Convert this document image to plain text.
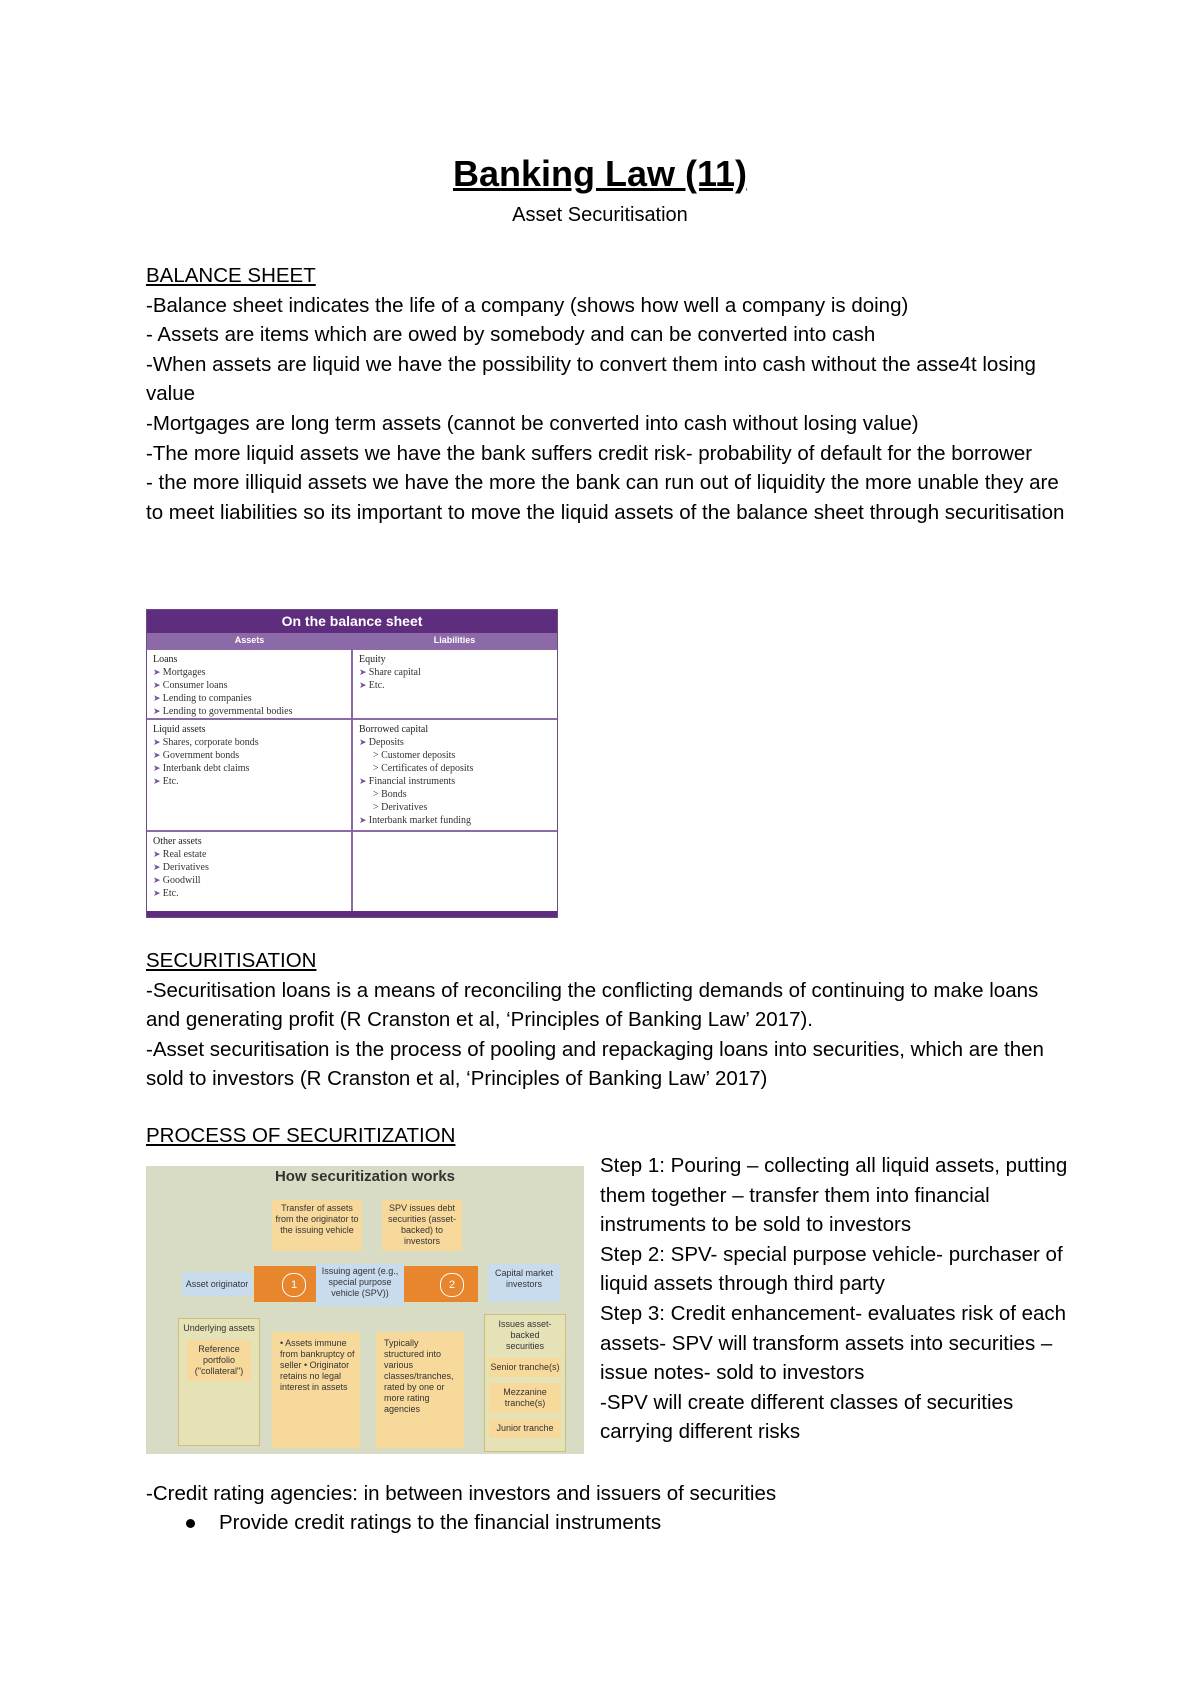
Banking Law (11)
Asset Securitisation

BALANCE SHEET

-Balance sheet indicates the life of a company (shows how well a company is doing)

- Assets are items which are owed by somebody and can be converted into cash

-When assets are liquid we have the possibility to convert them into cash without the asse4t losing value

-Mortgages are long term assets (cannot be converted into cash without losing value)

-The more liquid assets we have the bank suffers credit risk- probability of default for the borrower

- the more illiquid assets we have the more the bank can run out of liquidity the more unable they are to meet liabilities so its important to move the liquid assets of the balance sheet through securitisation

On the balance sheet
Assets	Liabilities
Loans
➤ Mortgages
➤ Consumer loans
➤ Lending to companies
➤ Lending to governmental bodies
Equity
➤ Share capital
➤ Etc.
Liquid assets
➤ Shares, corporate bonds
➤ Government bonds
➤ Interbank debt claims
➤ Etc.
Borrowed capital
➤ Deposits
> Customer deposits
> Certificates of deposits
➤ Financial instruments
> Bonds
> Derivatives
➤ Interbank market funding
Other assets
➤ Real estate
➤ Derivatives
➤ Goodwill
➤ Etc.

SECURITISATION

-Securitisation loans is a means of reconciling the conflicting demands of continuing to make loans and generating profit (R Cranston et al, ‘Principles of Banking Law’ 2017).

-Asset securitisation is the process of pooling and repackaging loans into securities, which are then sold to investors (R Cranston et al, ‘Principles of Banking Law’ 2017)

PROCESS OF SECURITIZATION

How securitization works
Transfer of assets from the originator to the issuing vehicle
SPV issues debt securities (asset-backed) to investors
1	2
Asset originator
Issuing agent (e.g., special purpose vehicle (SPV))
Capital market investors
Underlying assets
Reference portfolio ("collateral")
• Assets immune from bankruptcy of seller • Originator retains no legal interest in assets
Typically structured into various classes/tranches, rated by one or more rating agencies
Issues asset-backed securities
Senior tranche(s)
Mezzanine tranche(s)
Junior tranche

Step 1: Pouring – collecting all liquid assets, putting them together – transfer them into financial instruments to be sold to investors

Step 2: SPV- special purpose vehicle- purchaser of liquid assets through third party

Step 3: Credit enhancement- evaluates risk of each assets- SPV will transform assets into securities – issue notes- sold to investors

-SPV will create different classes of securities carrying different risks

-Credit rating agencies: in between investors and issuers of securities

Provide credit ratings to the financial instruments
